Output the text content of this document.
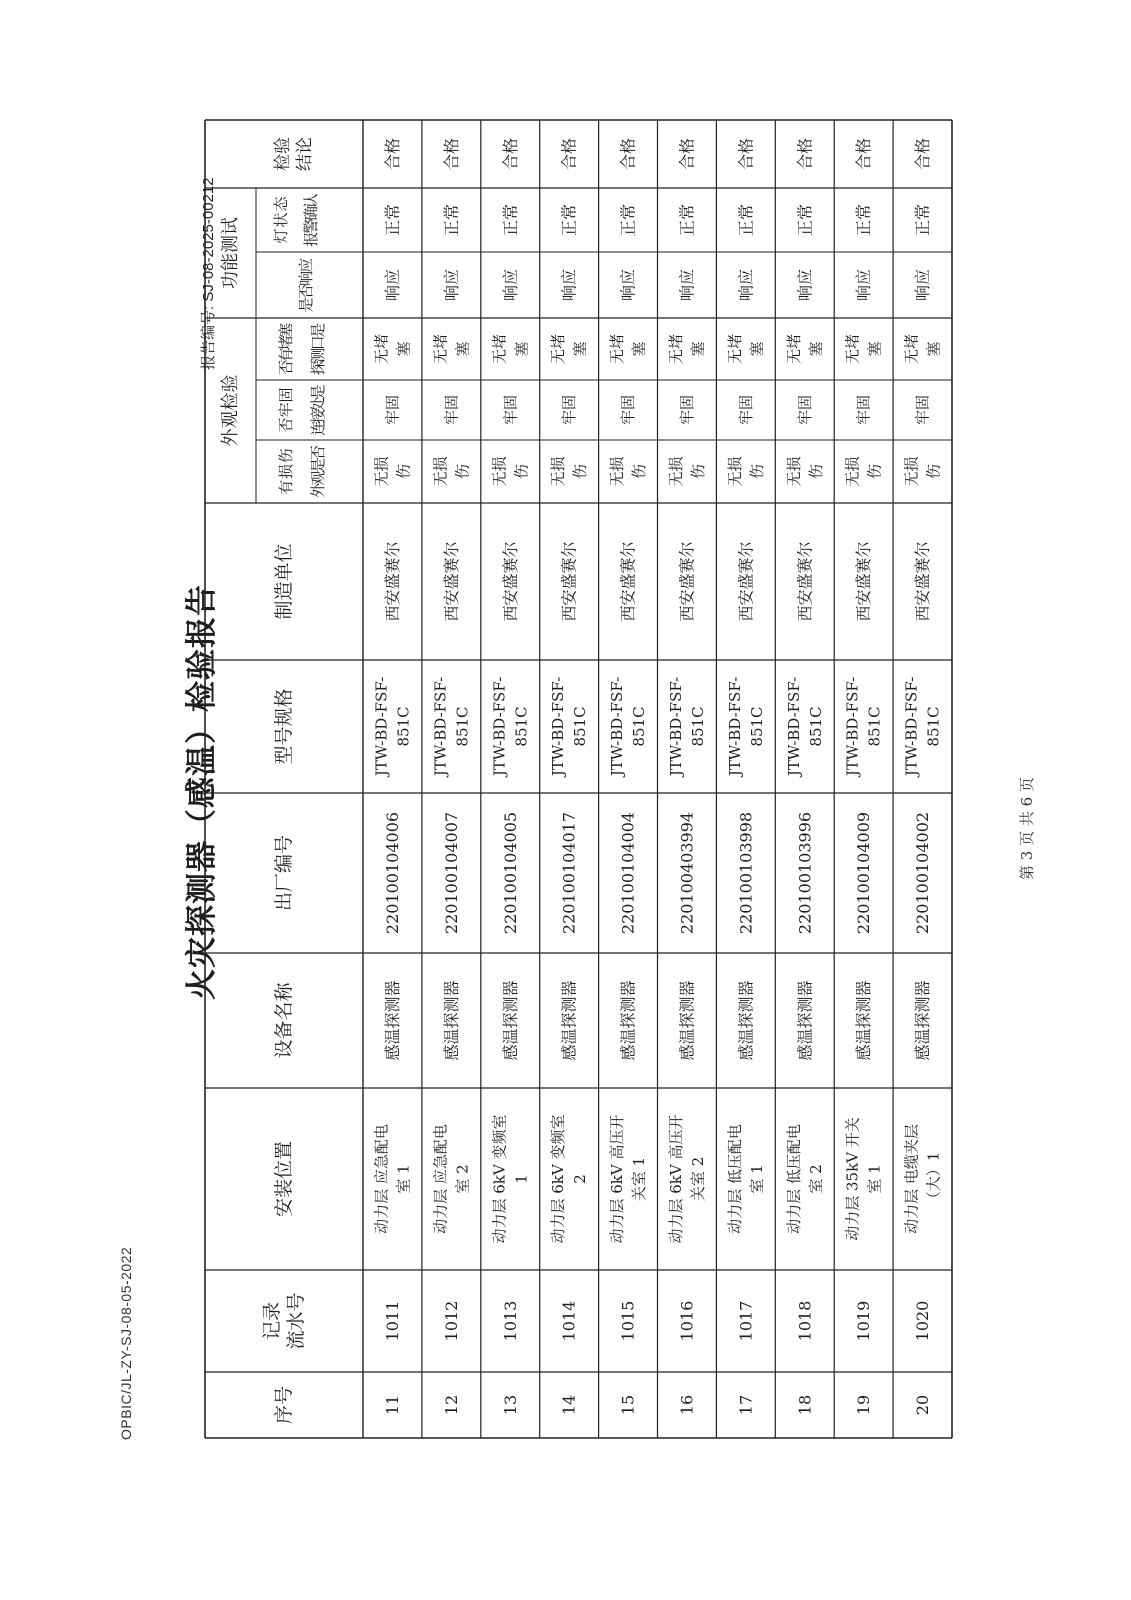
OPBIC/JL-ZY-SJ-08-05-2022
报告编号: SJ-08-2025-00212
火灾探测器（感温）检验报告	第 3 页 共 6 页
检验 结论
功能测试
外观检验
制造单位
型号规格
出厂编号
设备名称
安装位置
记录 流水号
序号
灯
状
态
报
警
确
认
是
否
响
应
否
有
堵
塞
探
测
口
是
否
牢
固
连
接
处
是
有
损
伤
外
观
是
否
合格
正常
响应
无堵 塞
牢固
无损 伤
西安盛赛尔
JTW-BD-FSF- 851C
220100104006
感温探测器
动力层 应急配电 室 1
1011
11
合格
正常
响应
无堵 塞
牢固
无损 伤
西安盛赛尔
JTW-BD-FSF- 851C
220100104007
感温探测器
动力层 应急配电 室 2
1012
12
合格
正常
响应
无堵 塞
牢固
无损 伤
西安盛赛尔
JTW-BD-FSF- 851C
220100104005
感温探测器
动力层 6kV 变频室 1
1013
13
合格
正常
响应
无堵 塞
牢固
无损 伤
西安盛赛尔
JTW-BD-FSF- 851C
220100104017
感温探测器
动力层 6kV 变频室 2
1014
14
合格
正常
响应
无堵 塞
牢固
无损 伤
西安盛赛尔
JTW-BD-FSF- 851C
220100104004
感温探测器
动力层 6kV 高压开 关室 1
1015
15
合格
正常
响应
无堵 塞
牢固
无损 伤
西安盛赛尔
JTW-BD-FSF- 851C
220100403994
感温探测器
动力层 6kV 高压开 关室 2
1016
16
合格
正常
响应
无堵 塞
牢固
无损 伤
西安盛赛尔
JTW-BD-FSF- 851C
220100103998
感温探测器
动力层 低压配电 室 1
1017
17
合格
正常
响应
无堵 塞
牢固
无损 伤
西安盛赛尔
JTW-BD-FSF- 851C
220100103996
感温探测器
动力层 低压配电 室 2
1018
18
合格
正常
响应
无堵 塞
牢固
无损 伤
西安盛赛尔
JTW-BD-FSF- 851C
220100104009
感温探测器
动力层 35kV 开关 室 1
1019
19
合格
正常
响应
无堵 塞
牢固
无损 伤
西安盛赛尔
JTW-BD-FSF- 851C
220100104002
感温探测器
动力层 电缆夹层 （大）1
1020
20
